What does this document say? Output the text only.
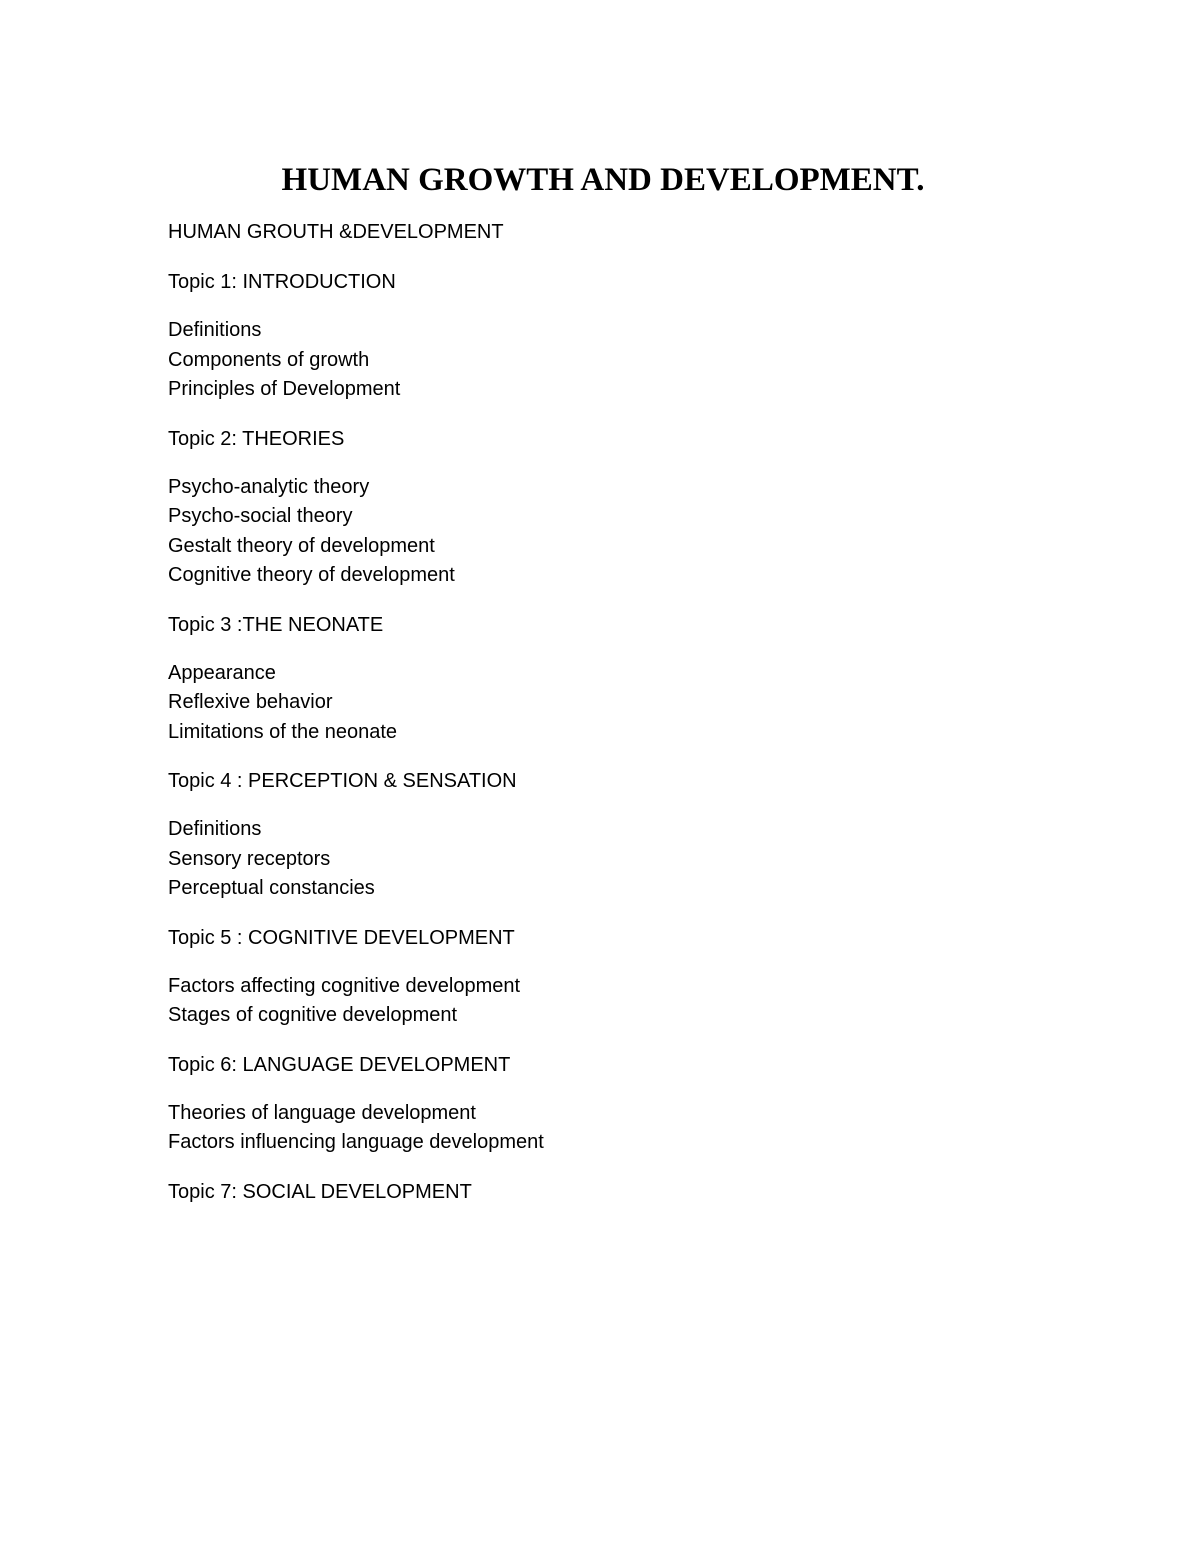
HUMAN GROWTH AND DEVELOPMENT.

HUMAN GROUTH &DEVELOPMENT

Topic 1: INTRODUCTION

Definitions
Components of growth
Principles of Development

Topic 2: THEORIES

Psycho-analytic theory
Psycho-social theory
Gestalt theory of development
Cognitive theory of development

Topic 3 :THE NEONATE

Appearance
Reflexive behavior
Limitations of the neonate

Topic 4 : PERCEPTION & SENSATION

Definitions
Sensory receptors
Perceptual constancies

Topic 5 : COGNITIVE DEVELOPMENT

Factors affecting cognitive development
Stages of cognitive development

Topic 6: LANGUAGE DEVELOPMENT

Theories of language development
Factors influencing language development

Topic 7: SOCIAL DEVELOPMENT
